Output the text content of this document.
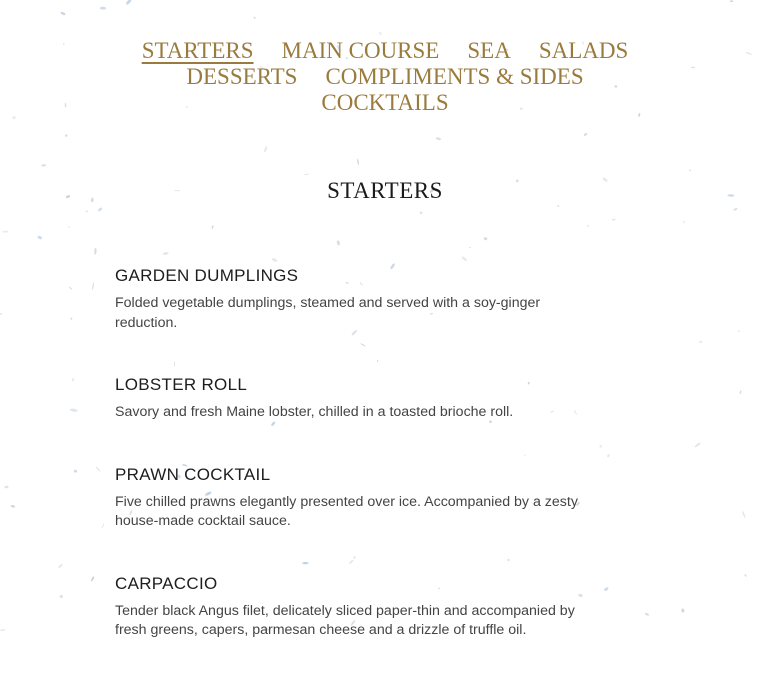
STARTERS MAIN COURSE SEA SALADS
DESSERTS COMPLIMENTS & SIDES
COCKTAILS
STARTERS
GARDEN DUMPLINGS
Folded vegetable dumplings, steamed and served with a soy-ginger reduction.
LOBSTER ROLL
Savory and fresh Maine lobster, chilled in a toasted brioche roll.
PRAWN COCKTAIL
Five chilled prawns elegantly presented over ice. Accompanied by a zesty house-made cocktail sauce.
CARPACCIO
Tender black Angus filet, delicately sliced paper-thin and accompanied by fresh greens, capers, parmesan cheese and a drizzle of truffle oil.
